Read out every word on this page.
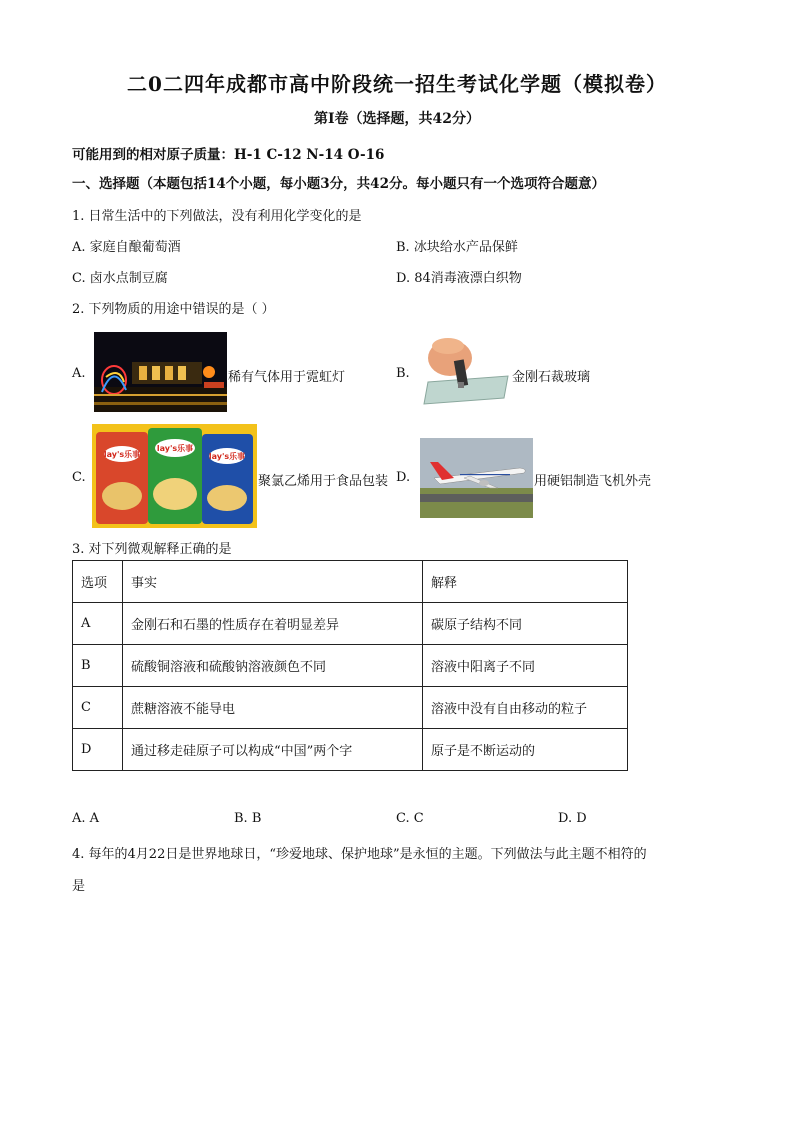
二0二四年成都市高中阶段统一招生考试化学题（模拟卷）
第I卷（选择题，共42分）
可能用到的相对原子质量：H-1 C-12 N-14 O-16
一、选择题（本题包括14个小题，每小题3分，共42分。每小题只有一个选项符合题意）
1. 日常生活中的下列做法，没有利用化学变化的是
A. 家庭自酿葡萄酒	B. 冰块给水产品保鲜
C. 卤水点制豆腐	D. 84消毒液漂白织物
2. 下列物质的用途中错误的是（ ）
A.	稀有气体用于霓虹灯	B.	金刚石裁玻璃
C.
lay's乐事
lay's乐事
lay's乐事
聚氯乙烯用于食品包装 D.	用硬铝制造飞机外壳
3. 对下列微观解释正确的是
选项	事实	解释
A	金刚石和石墨的性质存在着明显差异	碳原子结构不同
B	硫酸铜溶液和硫酸钠溶液颜色不同	溶液中阳离子不同
C	蔗糖溶液不能导电	溶液中没有自由移动的粒子
D	通过移走硅原子可以构成“中国”两个字	原子是不断运动的
A. A	B. B	C. C	D. D
4. 每年的4月22日是世界地球日，“珍爱地球、保护地球”是永恒的主题。下列做法与此主题不相符的
是
